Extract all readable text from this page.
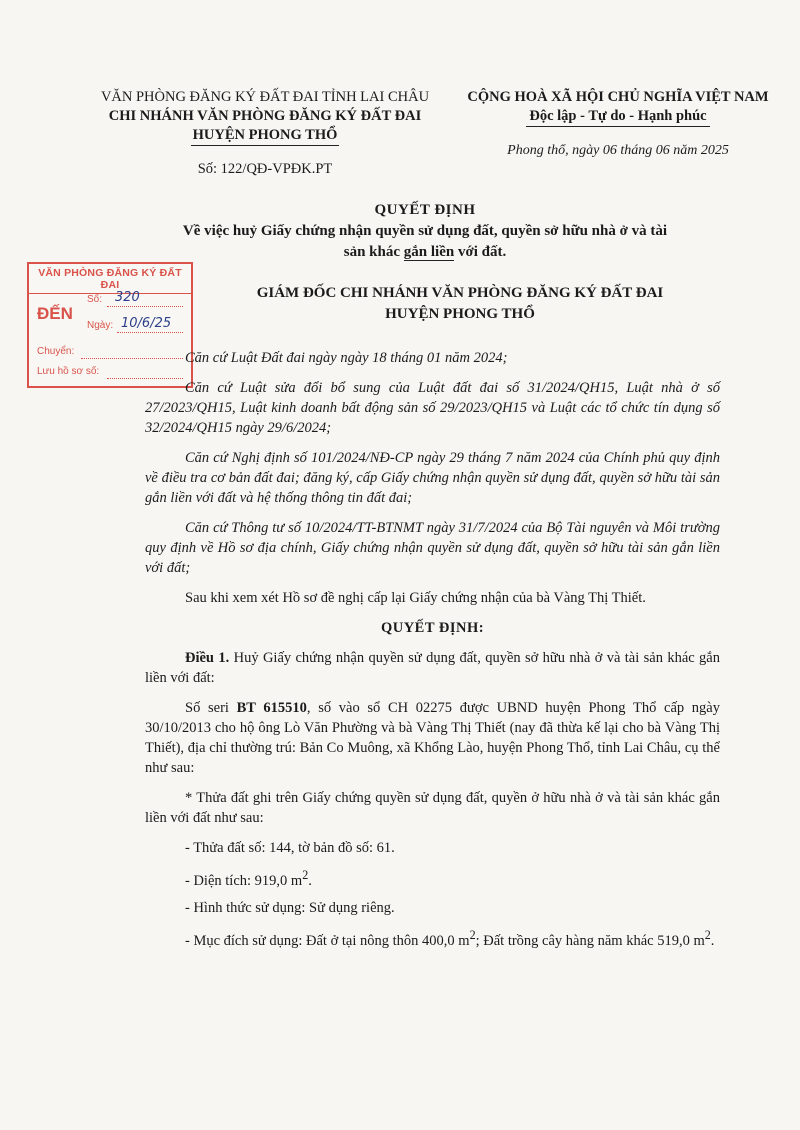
VĂN PHÒNG ĐĂNG KÝ ĐẤT ĐAI TỈNH LAI CHÂU
CHI NHÁNH VĂN PHÒNG ĐĂNG KÝ ĐẤT ĐAI
HUYỆN PHONG THỔ
Số: 122/QĐ-VPĐK.PT
CỘNG HOÀ XÃ HỘI CHỦ NGHĨA VIỆT NAM
Độc lập - Tự do - Hạnh phúc
Phong thổ, ngày 06 tháng 06 năm 2025
VĂN PHÒNG ĐĂNG KÝ ĐẤT ĐAI
ĐẾN
Số: 320
Ngày: 10/6/25
Chuyển:
Lưu hồ sơ số:
QUYẾT ĐỊNH
Về việc huỷ Giấy chứng nhận quyền sử dụng đất, quyền sở hữu nhà ở và tài
sản khác gắn liền với đất.
GIÁM ĐỐC CHI NHÁNH VĂN PHÒNG ĐĂNG KÝ ĐẤT ĐAI
HUYỆN PHONG THỔ

Căn cứ Luật Đất đai ngày ngày 18 tháng 01 năm 2024;

Căn cứ Luật sửa đổi bổ sung của Luật đất đai số 31/2024/QH15, Luật nhà ở số 27/2023/QH15, Luật kinh doanh bất động sản số 29/2023/QH15 và Luật các tổ chức tín dụng số 32/2024/QH15 ngày 29/6/2024;

Căn cứ Nghị định số 101/2024/NĐ-CP ngày 29 tháng 7 năm 2024 của Chính phủ quy định về điều tra cơ bản đất đai; đăng ký, cấp Giấy chứng nhận quyền sử dụng đất, quyền sở hữu tài sản gắn liền với đất và hệ thống thông tin đất đai;

Căn cứ Thông tư số 10/2024/TT-BTNMT ngày 31/7/2024 của Bộ Tài nguyên và Môi trường quy định về Hồ sơ địa chính, Giấy chứng nhận quyền sử dụng đất, quyền sở hữu tài sản gắn liền với đất;

Sau khi xem xét Hồ sơ đề nghị cấp lại Giấy chứng nhận của bà Vàng Thị Thiết.

QUYẾT ĐỊNH:

Điều 1. Huỷ Giấy chứng nhận quyền sử dụng đất, quyền sở hữu nhà ở và tài sản khác gắn liền với đất:

Số seri BT 615510, số vào sổ CH 02275 được UBND huyện Phong Thổ cấp ngày 30/10/2013 cho hộ ông Lò Văn Phường và bà Vàng Thị Thiết (nay đã thừa kế lại cho bà Vàng Thị Thiết), địa chỉ thường trú: Bản Co Muông, xã Khổng Lào, huyện Phong Thổ, tỉnh Lai Châu, cụ thể như sau:

* Thửa đất ghi trên Giấy chứng quyền sử dụng đất, quyền ở hữu nhà ở và tài sản khác gắn liền với đất như sau:

- Thửa đất số: 144, tờ bản đồ số: 61.

- Diện tích: 919,0 $m^2$.

- Hình thức sử dụng: Sử dụng riêng.

- Mục đích sử dụng: Đất ở tại nông thôn 400,0 $m^2$; Đất trồng cây hàng năm khác 519,0 $m^2$.
